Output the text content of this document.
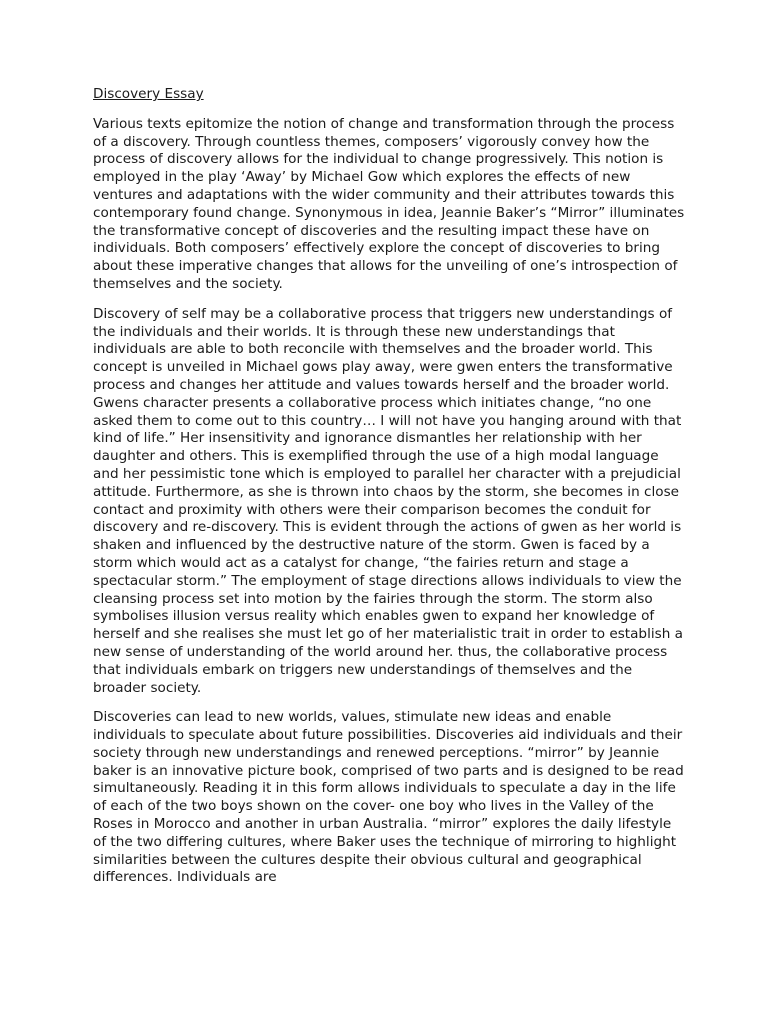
Discovery Essay

Various texts epitomize the notion of change and transformation through the process of a discovery. Through countless themes, composers’ vigorously convey how the process of discovery allows for the individual to change progressively. This notion is employed in the play ‘Away’ by Michael Gow which explores the effects of new ventures and adaptations with the wider community and their attributes towards this contemporary found change. Synonymous in idea, Jeannie Baker’s “Mirror” illuminates the transformative concept of discoveries and the resulting impact these have on individuals. Both composers’ effectively explore the concept of discoveries to bring about these imperative changes that allows for the unveiling of one’s introspection of themselves and the society.

Discovery of self may be a collaborative process that triggers new understandings of the individuals and their worlds. It is through these new understandings that individuals are able to both reconcile with themselves and the broader world. This concept is unveiled in Michael gows play away, were gwen enters the transformative process and changes her attitude and values towards herself and the broader world. Gwens character presents a collaborative process which initiates change, “no one asked them to come out to this country… I will not have you hanging around with that kind of life.” Her insensitivity and ignorance dismantles her relationship with her daughter and others. This is exemplified through the use of a high modal language and her pessimistic tone which is employed to parallel her character with a prejudicial attitude. Furthermore, as she is thrown into chaos by the storm, she becomes in close contact and proximity with others were their comparison becomes the conduit for discovery and re-discovery. This is evident through the actions of gwen as her world is shaken and influenced by the destructive nature of the storm. Gwen is faced by a storm which would act as a catalyst for change, “the fairies return and stage a spectacular storm.” The employment of stage directions allows individuals to view the cleansing process set into motion by the fairies through the storm. The storm also symbolises illusion versus reality which enables gwen to expand her knowledge of herself and she realises she must let go of her materialistic trait in order to establish a new sense of understanding of the world around her. thus, the collaborative process that individuals embark on triggers new understandings of themselves and the broader society.

Discoveries can lead to new worlds, values, stimulate new ideas and enable individuals to speculate about future possibilities. Discoveries aid individuals and their society through new understandings and renewed perceptions. “mirror” by Jeannie baker is an innovative picture book, comprised of two parts and is designed to be read simultaneously. Reading it in this form allows individuals to speculate a day in the life of each of the two boys shown on the cover- one boy who lives in the Valley of the Roses in Morocco and another in urban Australia. “mirror” explores the daily lifestyle of the two differing cultures, where Baker uses the technique of mirroring to highlight similarities between the cultures despite their obvious cultural and geographical differences. Individuals are
